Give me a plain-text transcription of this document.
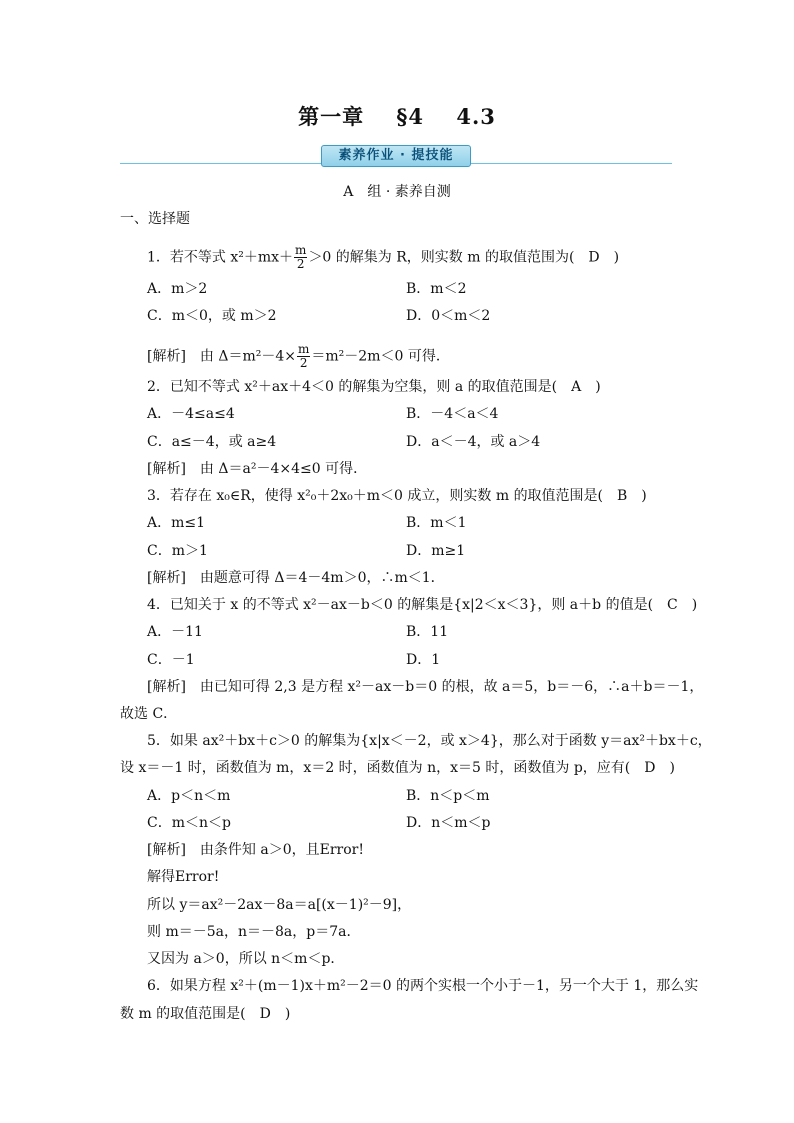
第一章 §4 4.3
素养作业 · 提技能
A　组 · 素养自测
一、选择题
1．若不等式 $x^2+mx+ \frac{m}{2} >0$ 的解集为 R，则实数 m 的取值范围为(　D　)
A．m＞2	B．m＜2
C．m＜0，或 m＞2	D．0＜m＜2
[解析]　由 $\Delta=m^2-4\times \frac{m}{2} =m^2-2m<0$ 可得．
2．已知不等式 x²＋ax＋4＜0 的解集为空集，则 a 的取值范围是(　A　)
A．－4≤a≤4	B．－4＜a＜4
C．a≤－4，或 a≥4	D．a＜－4，或 a＞4
[解析]　由 Δ＝a²－4×4≤0 可得．
3．若存在 x₀∈R，使得 x²₀＋2x₀＋m＜0 成立，则实数 m 的取值范围是(　B　)
A．m≤1	B．m＜1
C．m＞1	D．m≥1
[解析]　由题意可得 Δ＝4－4m＞0，∴m＜1．
4．已知关于 x 的不等式 x²－ax－b＜0 的解集是{x|2＜x＜3}，则 a＋b 的值是(　C　)
A．－11	B．11
C．－1	D．1
[解析]　由已知可得 2,3 是方程 x²－ax－b＝0 的根，故 a＝5，b＝－6，∴a＋b＝－1，
故选 C．
5．如果 ax²＋bx＋c＞0 的解集为{x|x＜－2，或 x＞4}，那么对于函数 y＝ax²＋bx＋c，
设 x＝－1 时，函数值为 m，x＝2 时，函数值为 n，x＝5 时，函数值为 p，应有(　D　)
A．p＜n＜m	B．n＜p＜m
C．m＜n＜p	D．n＜m＜p
[解析]　由条件知 a＞0，且Error!
解得Error!
所以 y＝ax²－2ax－8a＝a[(x－1)²－9]，
则 m＝－5a，n＝－8a，p＝7a．
又因为 a＞0，所以 n＜m＜p．
6．如果方程 x²＋(m－1)x＋m²－2＝0 的两个实根一个小于－1，另一个大于 1，那么实
数 m 的取值范围是(　D　)
